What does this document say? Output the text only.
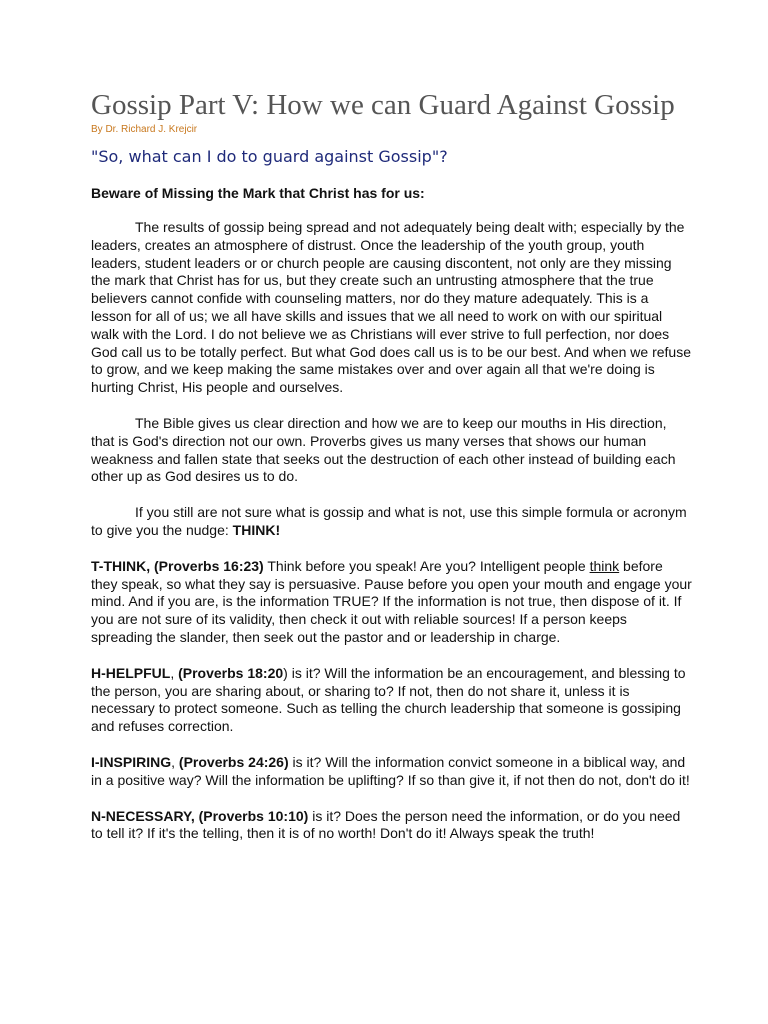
Gossip Part V: How we can Guard Against Gossip
By Dr. Richard J. Krejcir
"So, what can I do to guard against Gossip"?
Beware of Missing the Mark that Christ has for us:

The results of gossip being spread and not adequately being dealt with; especially by the leaders, creates an atmosphere of distrust. Once the leadership of the youth group, youth leaders, student leaders or or church people are causing discontent, not only are they missing the mark that Christ has for us, but they create such an untrusting atmosphere that the true believers cannot confide with counseling matters, nor do they mature adequately. This is a lesson for all of us; we all have skills and issues that we all need to work on with our spiritual walk with the Lord. I do not believe we as Christians will ever strive to full perfection, nor does God call us to be totally perfect. But what God does call us is to be our best. And when we refuse to grow, and we keep making the same mistakes over and over again all that we're doing is hurting Christ, His people and ourselves.

The Bible gives us clear direction and how we are to keep our mouths in His direction, that is God's direction not our own. Proverbs gives us many verses that shows our human weakness and fallen state that seeks out the destruction of each other instead of building each other up as God desires us to do.

If you still are not sure what is gossip and what is not, use this simple formula or acronym to give you the nudge: THINK!

T-THINK, (Proverbs 16:23) Think before you speak! Are you? Intelligent people think before they speak, so what they say is persuasive. Pause before you open your mouth and engage your mind. And if you are, is the information TRUE? If the information is not true, then dispose of it. If you are not sure of its validity, then check it out with reliable sources! If a person keeps spreading the slander, then seek out the pastor and or leadership in charge.

H-HELPFUL, (Proverbs 18:20) is it? Will the information be an encouragement, and blessing to the person, you are sharing about, or sharing to? If not, then do not share it, unless it is necessary to protect someone. Such as telling the church leadership that someone is gossiping and refuses correction.

I-INSPIRING, (Proverbs 24:26) is it? Will the information convict someone in a biblical way, and in a positive way? Will the information be uplifting? If so than give it, if not then do not, don't do it!

N-NECESSARY, (Proverbs 10:10) is it? Does the person need the information, or do you need to tell it? If it's the telling, then it is of no worth! Don't do it! Always speak the truth!
